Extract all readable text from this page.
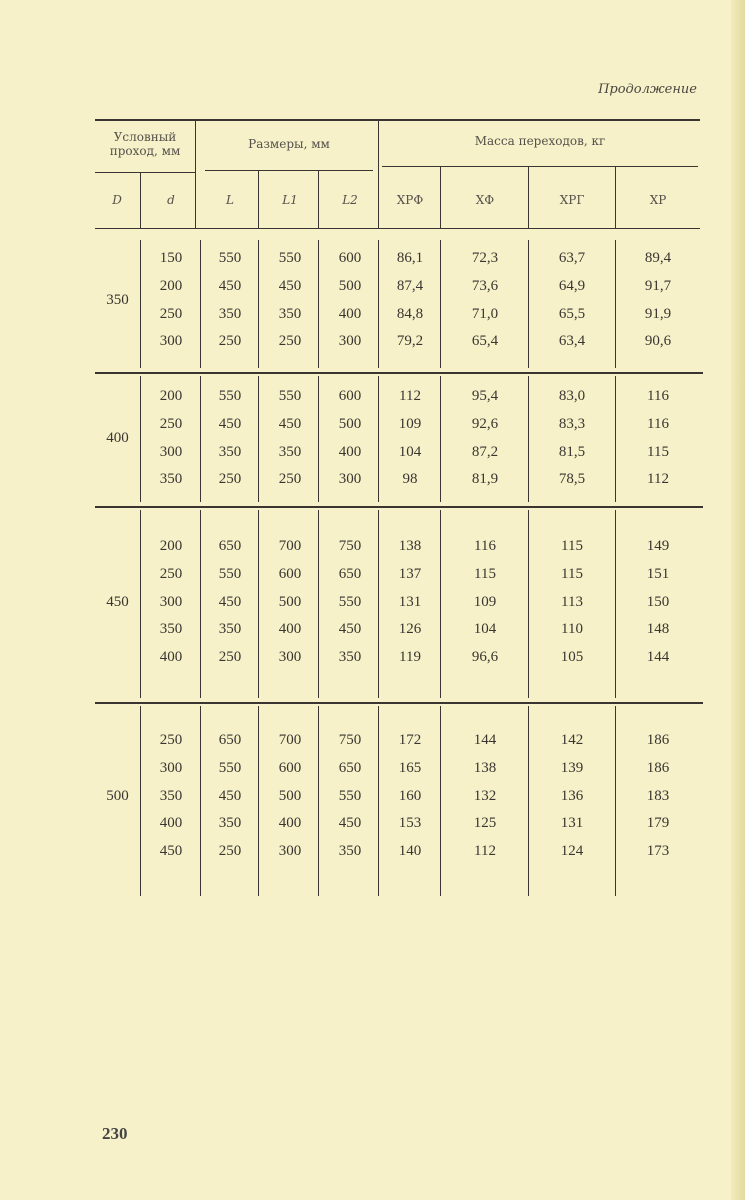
Продолжение
Условный проход, мм	Размеры, мм	Масса переходов, кг
D	d	L	L1	L2	ХРФ	ХФ	ХРГ	ХР
350
150	550	550	600	86,1	72,3	63,7	89,4
200	450	450	500	87,4	73,6	64,9	91,7
250	350	350	400	84,8	71,0	65,5	91,9
300	250	250	300	79,2	65,4	63,4	90,6
400
200	550	550	600	112	95,4	83,0	116
250	450	450	500	109	92,6	83,3	116
300	350	350	400	104	87,2	81,5	115
350	250	250	300	98	81,9	78,5	112
450
200	650	700	750	138	116	115	149
250	550	600	650	137	115	115	151
300	450	500	550	131	109	113	150
350	350	400	450	126	104	110	148
400	250	300	350	119	96,6	105	144
500
250	650	700	750	172	144	142	186
300	550	600	650	165	138	139	186
350	450	500	550	160	132	136	183
400	350	400	450	153	125	131	179
450	250	300	350	140	112	124	173
230
